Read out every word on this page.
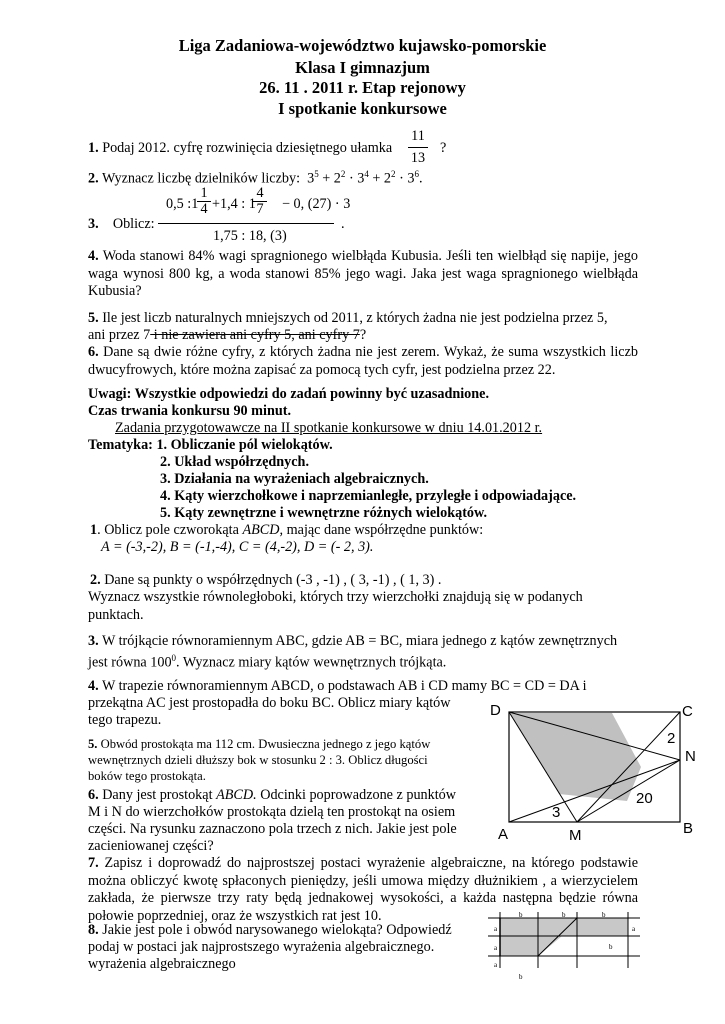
Liga Zadaniowa-województwo kujawsko-pomorskie
Klasa I gimnazjum
26. 11 . 2011 r. Etap rejonowy
I spotkanie konkursowe
1. Podaj 2012. cyfrę rozwinięcia dziesiętnego ułamka
11
13
?
2. Wyznacz liczbę dzielników liczby: $3^5 + 2^2 \cdot 3^4 + 2^2 \cdot 3^6$.
3. Oblicz:
0,5 :1
$\frac{1}{4} +1,4$ : 1
$\frac{4}{7} - 0$, (27) · 3
1,75 : 18, (3)
.
4. Woda stanowi 84% wagi spragnionego wielbłąda Kubusia. Jeśli ten wielbłąd się napije, jego waga wynosi 800 kg, a woda stanowi 85% jego wagi. Jaka jest waga spragnionego wielbłąda Kubusia?
5. Ile jest liczb naturalnych mniejszych od 2011, z których żadna nie jest podzielna przez 5,
ani przez 7 i nie zawiera ani cyfry 5, ani cyfry 7?
6. Dane są dwie różne cyfry, z których żadna nie jest zerem. Wykaż, że suma wszystkich liczb dwucyfrowych, które można zapisać za pomocą tych cyfr, jest podzielna przez 22.
Uwagi: Wszystkie odpowiedzi do zadań powinny być uzasadnione.
Czas trwania konkursu 90 minut.
Zadania przygotowawcze na II spotkanie konkursowe w dniu 14.01.2012 r.
Tematyka: 1. Obliczanie pól wielokątów.
2. Układ współrzędnych.
3. Działania na wyrażeniach algebraicznych.
4. Kąty wierzchołkowe i naprzemianległe, przyległe i odpowiadające.
5. Kąty zewnętrzne i wewnętrzne różnych wielokątów.
1. Oblicz pole czworokąta ABCD, mając dane współrzędne punktów:
A = (-3,-2), B = (-1,-4), C = (4,-2), D = (- 2, 3).
2. Dane są punkty o współrzędnych (-3 , -1) , ( 3, -1) , ( 1, 3) .
Wyznacz wszystkie równoległoboki, których trzy wierzchołki znajdują się w podanych punktach.
3. W trójkącie równoramiennym ABC, gdzie AB = BC, miara jednego z kątów zewnętrznych
jest równa $100^0$. Wyznacz miary kątów wewnętrznych trójkąta.
4. W trapezie równoramiennym ABCD, o podstawach AB i CD mamy BC = CD = DA i
przekątna AC jest prostopadła do boku BC. Oblicz miary kątów
tego trapezu.
5. Obwód prostokąta ma 112 cm. Dwusieczna jednego z jego kątów
wewnętrznych dzieli dłuższy bok w stosunku 2 : 3. Oblicz długości
boków tego prostokąta.
6. Dany jest prostokąt ABCD. Odcinki poprowadzone z punktów
M i N do wierzchołków prostokąta dzielą ten prostokąt na osiem
części. Na rysunku zaznaczono pola trzech z nich. Jakie jest pole
zacieniowanej części?
D	C
N
A	M	B
2
3
20
7. Zapisz i doprowadź do najprostszej postaci wyrażenie algebraiczne, na którego podstawie można obliczyć kwotę spłaconych pieniędzy, jeśli umowa między dłużnikiem , a wierzycielem zakłada, że pierwsze trzy raty będą jednakowej wysokości, a każda następna będzie równa połowie poprzedniej, oraz że wszystkich rat jest 10.
8. Jakie jest pole i obwód narysowanego wielokąta? Odpowiedź
podaj w postaci jak najprostszego wyrażenia algebraicznego.
wyrażenia algebraicznego
b	b	b
a	a
a	b
a
b
